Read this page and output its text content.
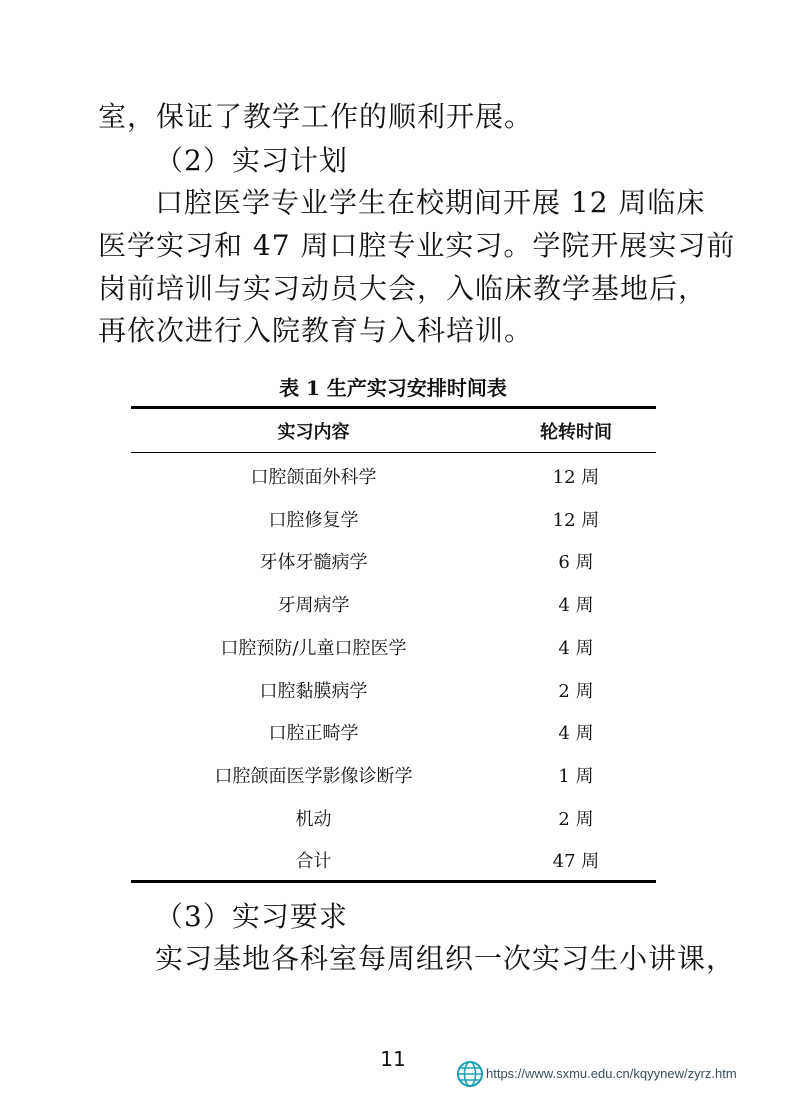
室，保证了教学工作的顺利开展。
（2）实习计划
口腔医学专业学生在校期间开展 12 周临床
医学实习和 47 周口腔专业实习。学院开展实习前
岗前培训与实习动员大会，入临床教学基地后，
再依次进行入院教育与入科培训。
表 1 生产实习安排时间表
实习内容	轮转时间
口腔颌面外科学	12 周
口腔修复学	12 周
牙体牙髓病学	6 周
牙周病学	4 周
口腔预防/儿童口腔医学	4 周
口腔黏膜病学	2 周
口腔正畸学	4 周
口腔颌面医学影像诊断学	1 周
机动	2 周
合计	47 周
（3）实习要求
实习基地各科室每周组织一次实习生小讲课，
11
https://www.sxmu.edu.cn/kqyynew/zyrz.htm
